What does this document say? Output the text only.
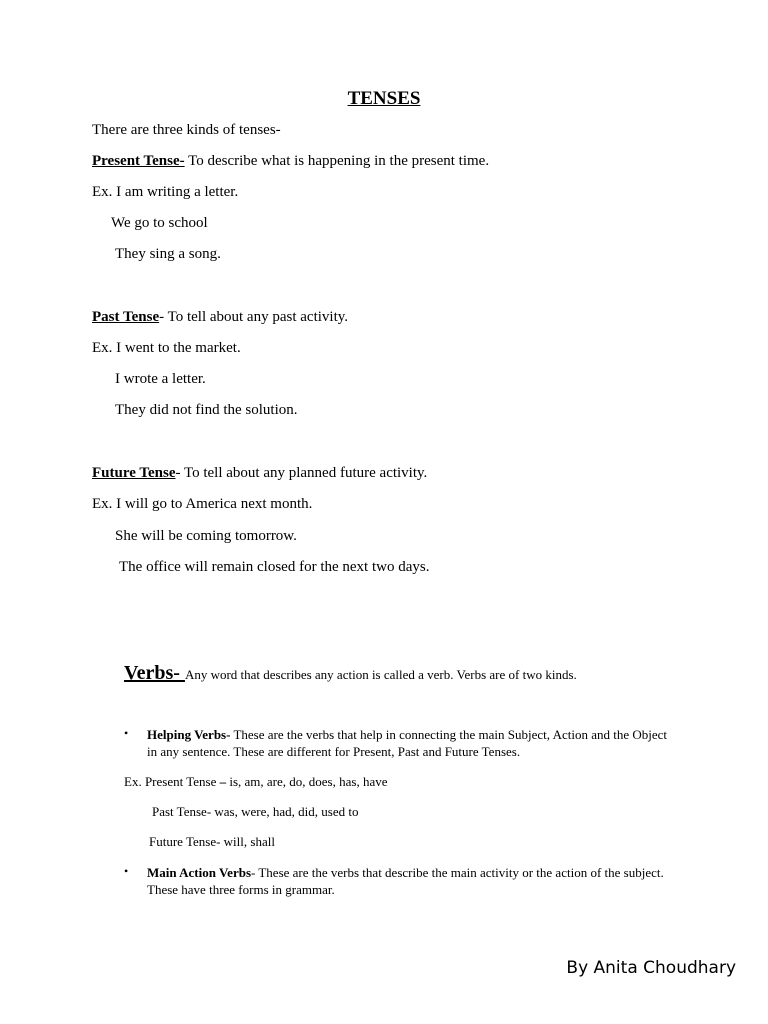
TENSES
There are three kinds of tenses-
Present Tense- To describe what is happening in the present time.
Ex. I am writing a letter.
We go to school
They sing a song.
Past Tense- To tell about any past activity.
Ex. I went to the market.
I wrote a letter.
They did not find the solution.
Future Tense- To tell about any planned future activity.
Ex. I will go to America next month.
She will be coming tomorrow.
The office will remain closed for the next two days.
Verbs- Any word that describes any action is called a verb. Verbs are of two kinds.
• Helping Verbs- These are the verbs that help in connecting the main Subject, Action and the Object in any sentence. These are different for Present, Past and Future Tenses.
Ex. Present Tense – is, am, are, do, does, has, have
Past Tense- was, were, had, did, used to
Future Tense- will, shall
• Main Action Verbs- These are the verbs that describe the main activity or the action of the subject. These have three forms in grammar.
By Anita Choudhary
